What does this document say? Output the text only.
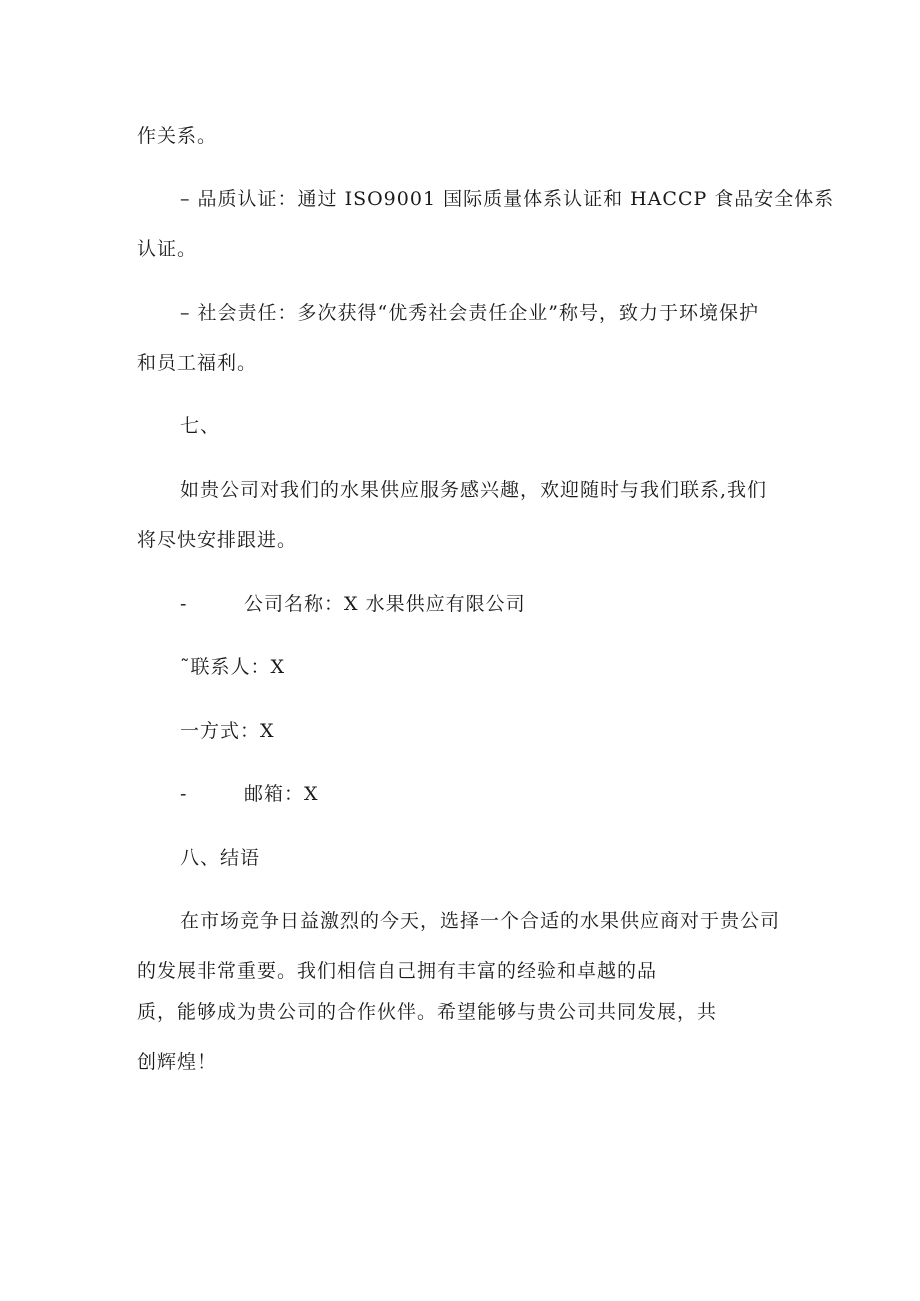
作关系。
– 品质认证：通过 ISO9001 国际质量体系认证和 HACCP 食品安全体系
认证。
– 社会责任：多次获得“优秀社会责任企业”称号，致力于环境保护
和员工福利。
七、
如贵公司对我们的水果供应服务感兴趣，欢迎随时与我们联系,我们
将尽快安排跟进。
-	公司名称：X 水果供应有限公司
˜联系人：X
一方式：X
-	邮箱：X
八、结语
在市场竞争日益激烈的今天，选择一个合适的水果供应商对于贵公司
的发展非常重要。我们相信自己拥有丰富的经验和卓越的品
质，能够成为贵公司的合作伙伴。希望能够与贵公司共同发展，共
创辉煌！
